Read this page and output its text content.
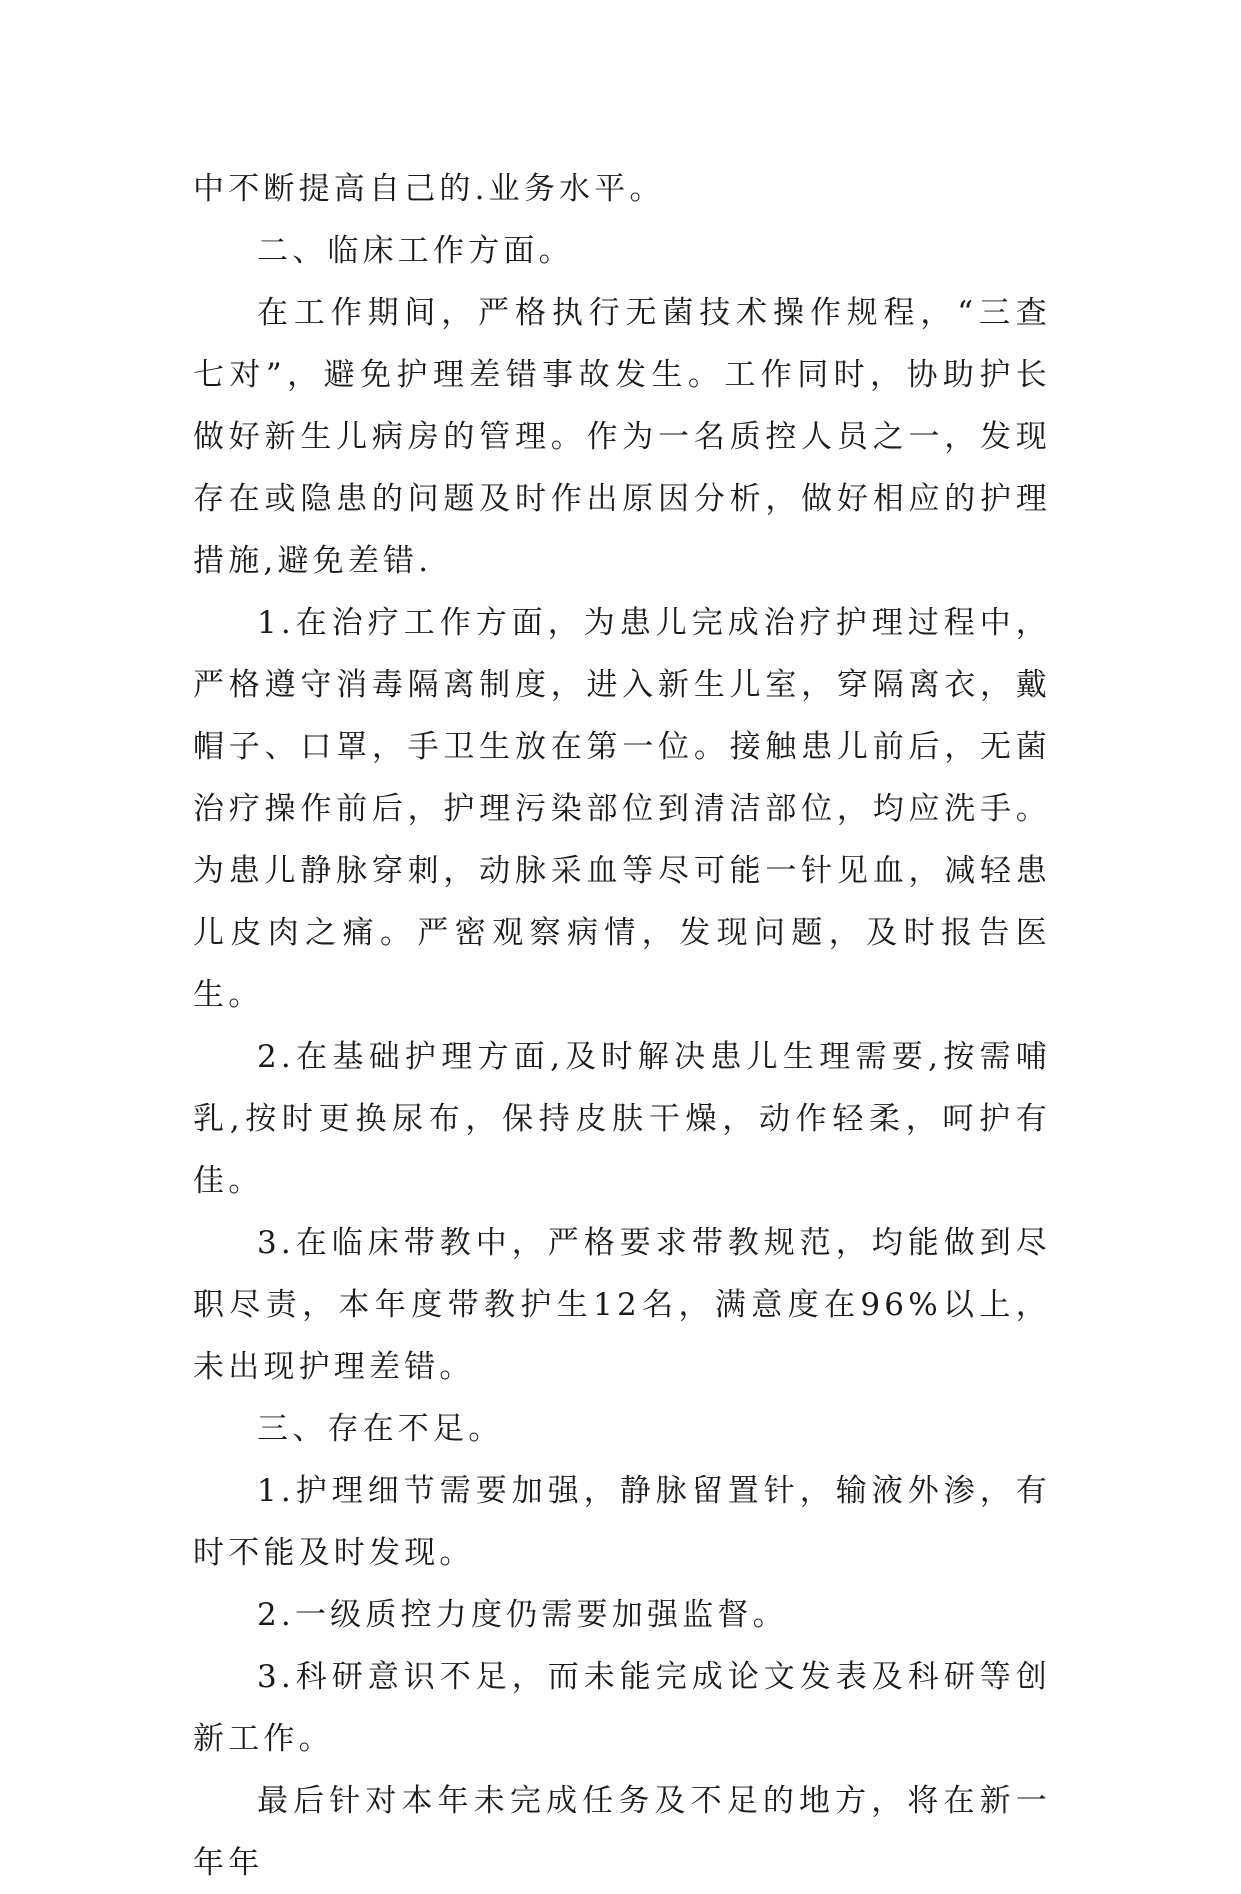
中不断提高自己的.业务水平。

二、临床工作方面。

在工作期间，严格执行无菌技术操作规程，“三查七对”，避免护理差错事故发生。工作同时，协助护长做好新生儿病房的管理。作为一名质控人员之一，发现存在或隐患的问题及时作出原因分析，做好相应的护理措施,避免差错.

1.在治疗工作方面，为患儿完成治疗护理过程中，严格遵守消毒隔离制度，进入新生儿室，穿隔离衣，戴帽子、口罩，手卫生放在第一位。接触患儿前后，无菌治疗操作前后，护理污染部位到清洁部位，均应洗手。为患儿静脉穿刺，动脉采血等尽可能一针见血，减轻患儿皮肉之痛。严密观察病情，发现问题，及时报告医生。

2.在基础护理方面,及时解决患儿生理需要,按需哺乳,按时更换尿布，保持皮肤干燥，动作轻柔，呵护有佳。

3.在临床带教中，严格要求带教规范，均能做到尽职尽责，本年度带教护生12名，满意度在96%以上，未出现护理差错。

三、存在不足。

1.护理细节需要加强，静脉留置针，输液外渗，有时不能及时发现。

2.一级质控力度仍需要加强监督。

3.科研意识不足，而未能完成论文发表及科研等创新工作。

最后针对本年未完成任务及不足的地方，将在新一年年
